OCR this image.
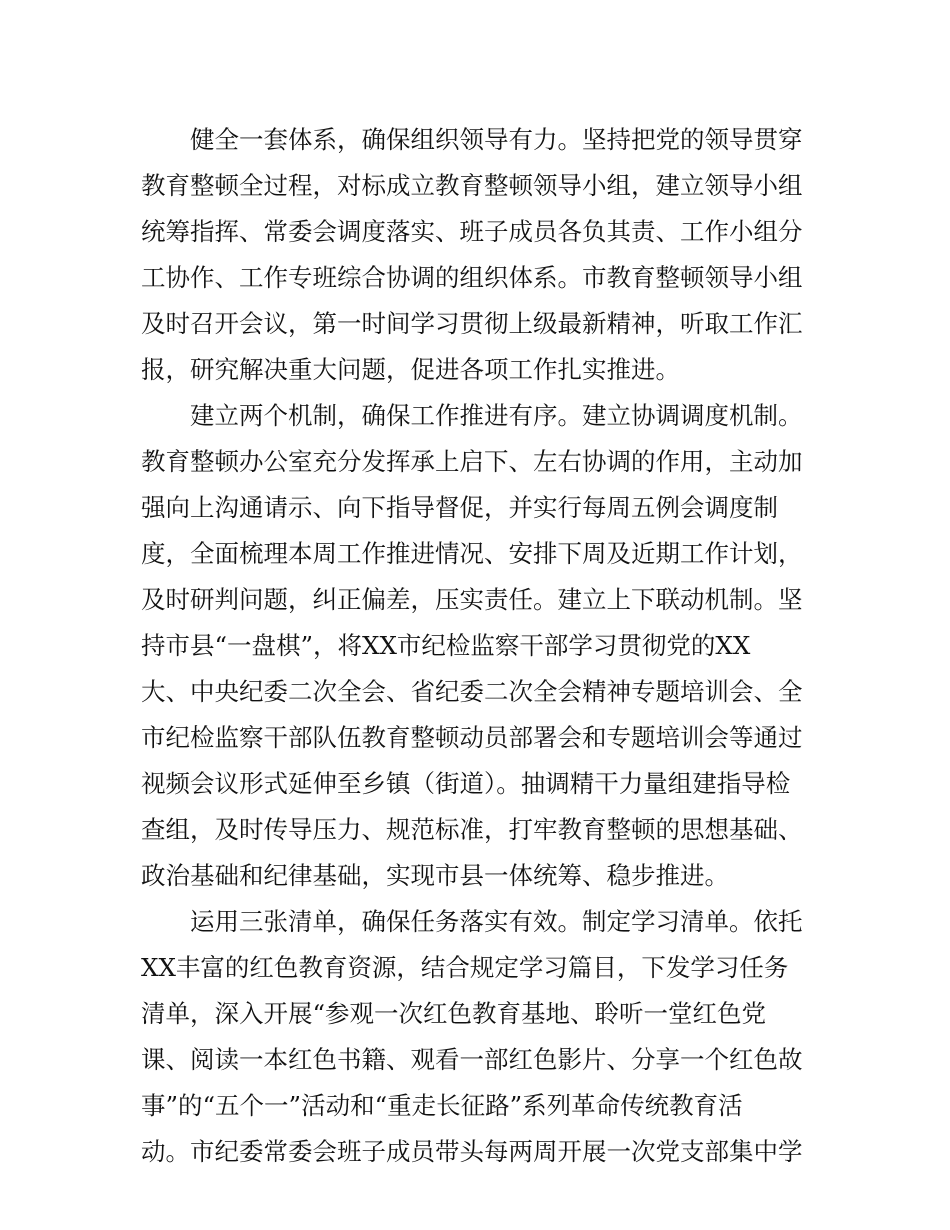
健全一套体系，确保组织领导有力。坚持把党的领导贯穿

教育整顿全过程，对标成立教育整顿领导小组，建立领导小组

统筹指挥、常委会调度落实、班子成员各负其责、工作小组分

工协作、工作专班综合协调的组织体系。市教育整顿领导小组

及时召开会议，第一时间学习贯彻上级最新精神，听取工作汇

报，研究解决重大问题，促进各项工作扎实推进。

建立两个机制，确保工作推进有序。建立协调调度机制。

教育整顿办公室充分发挥承上启下、左右协调的作用，主动加

强向上沟通请示、向下指导督促，并实行每周五例会调度制

度，全面梳理本周工作推进情况、安排下周及近期工作计划，

及时研判问题，纠正偏差，压实责任。建立上下联动机制。坚

持市县“一盘棋”，将XX市纪检监察干部学习贯彻党的XX

大、中央纪委二次全会、省纪委二次全会精神专题培训会、全

市纪检监察干部队伍教育整顿动员部署会和专题培训会等通过

视频会议形式延伸至乡镇（街道）。抽调精干力量组建指导检

查组，及时传导压力、规范标准，打牢教育整顿的思想基础、

政治基础和纪律基础，实现市县一体统筹、稳步推进。

运用三张清单，确保任务落实有效。制定学习清单。依托

XX丰富的红色教育资源，结合规定学习篇目，下发学习任务

清单，深入开展“参观一次红色教育基地、聆听一堂红色党

课、阅读一本红色书籍、观看一部红色影片、分享一个红色故

事”的“五个一”活动和“重走长征路”系列革命传统教育活

动。市纪委常委会班子成员带头每两周开展一次党支部集中学
